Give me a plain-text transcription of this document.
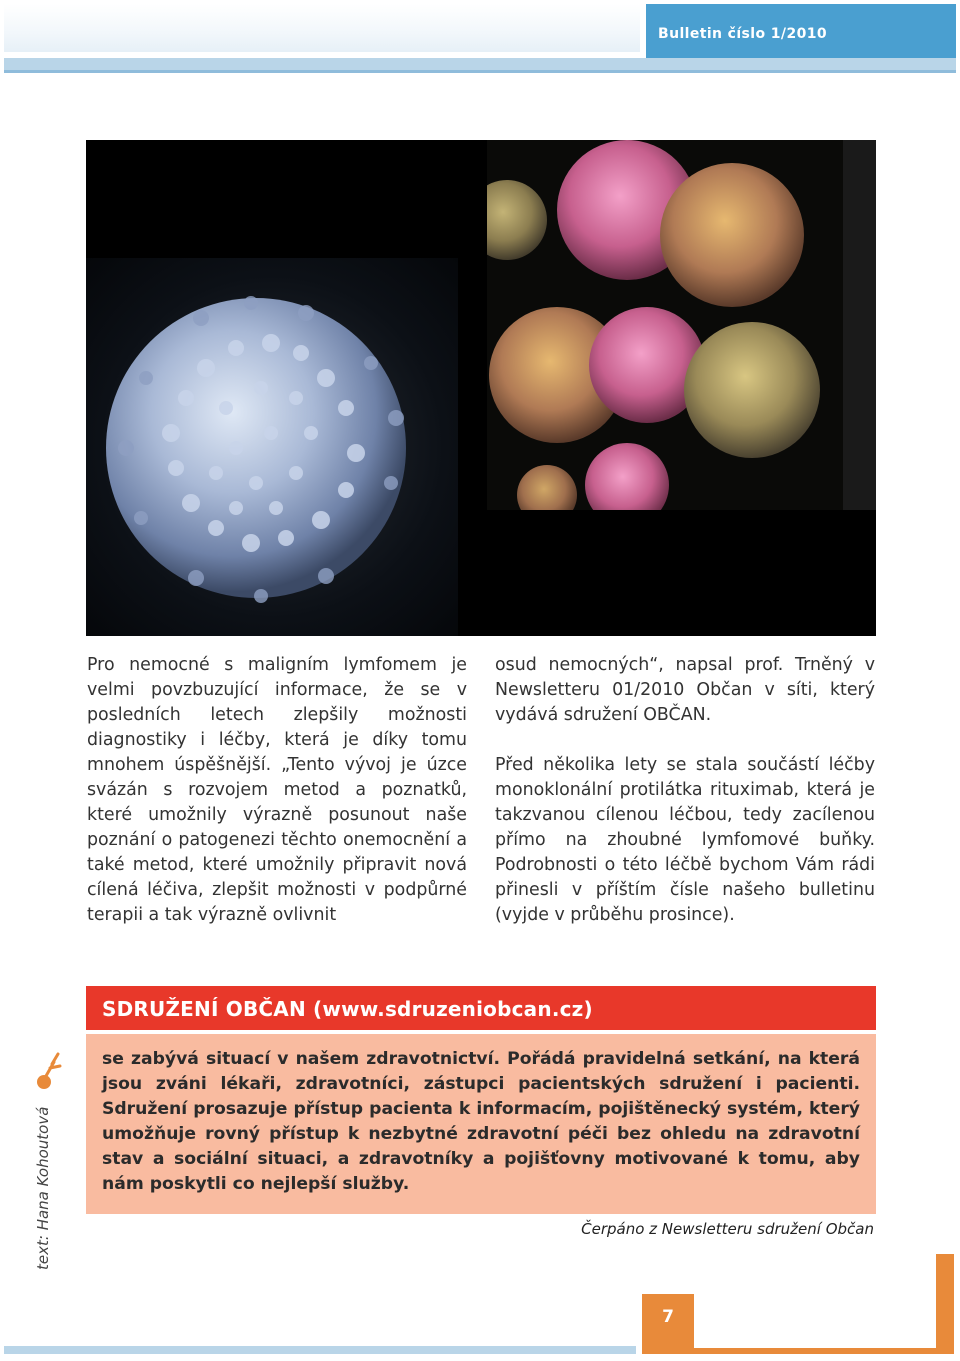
Bulletin číslo 1/2010

Pro nemocné s maligním lymfomem je velmi povzbuzující informace, že se v posledních letech zlepšily možnosti diagnostiky i léčby, která je díky tomu mnohem úspěšnější. „Tento vývoj je úzce svázán s rozvojem metod a poznatků, které umožnily výrazně posunout naše poznání o patogenezi těchto onemocnění a také metod, které umožnily připravit nová cílená léčiva, zlepšit možnosti v podpůrné terapii a tak výrazně ovlivnit

osud nemocných“, napsal prof. Trněný v Newsletteru 01/2010 Občan v síti, který vydává sdružení OBČAN.

Před několika lety se stala součástí léčby monoklonální protilátka rituximab, která je takzvanou cílenou léčbou, tedy zacílenou přímo na zhoubné lymfomové buňky. Podrobnosti o této léčbě bychom Vám rádi přinesli v příštím čísle našeho bulletinu (vyjde v průběhu prosince).

text: Hana Kohoutová
SDRUŽENÍ OBČAN (www.sdruzeniobcan.cz)
se zabývá situací v našem zdravotnictví. Pořádá pravidelná setkání, na která jsou zváni lékaři, zdravotníci, zástupci pacientských sdružení i pacienti. Sdružení prosazuje přístup pacienta k informacím, pojištěnecký systém, který umožňuje rovný přístup k nezbytné zdravotní péči bez ohledu na zdravotní stav a sociální situaci, a zdravotníky a pojišťovny motivované k tomu, aby nám poskytli co nejlepší služby.
Čerpáno z Newsletteru sdružení Občan
7
